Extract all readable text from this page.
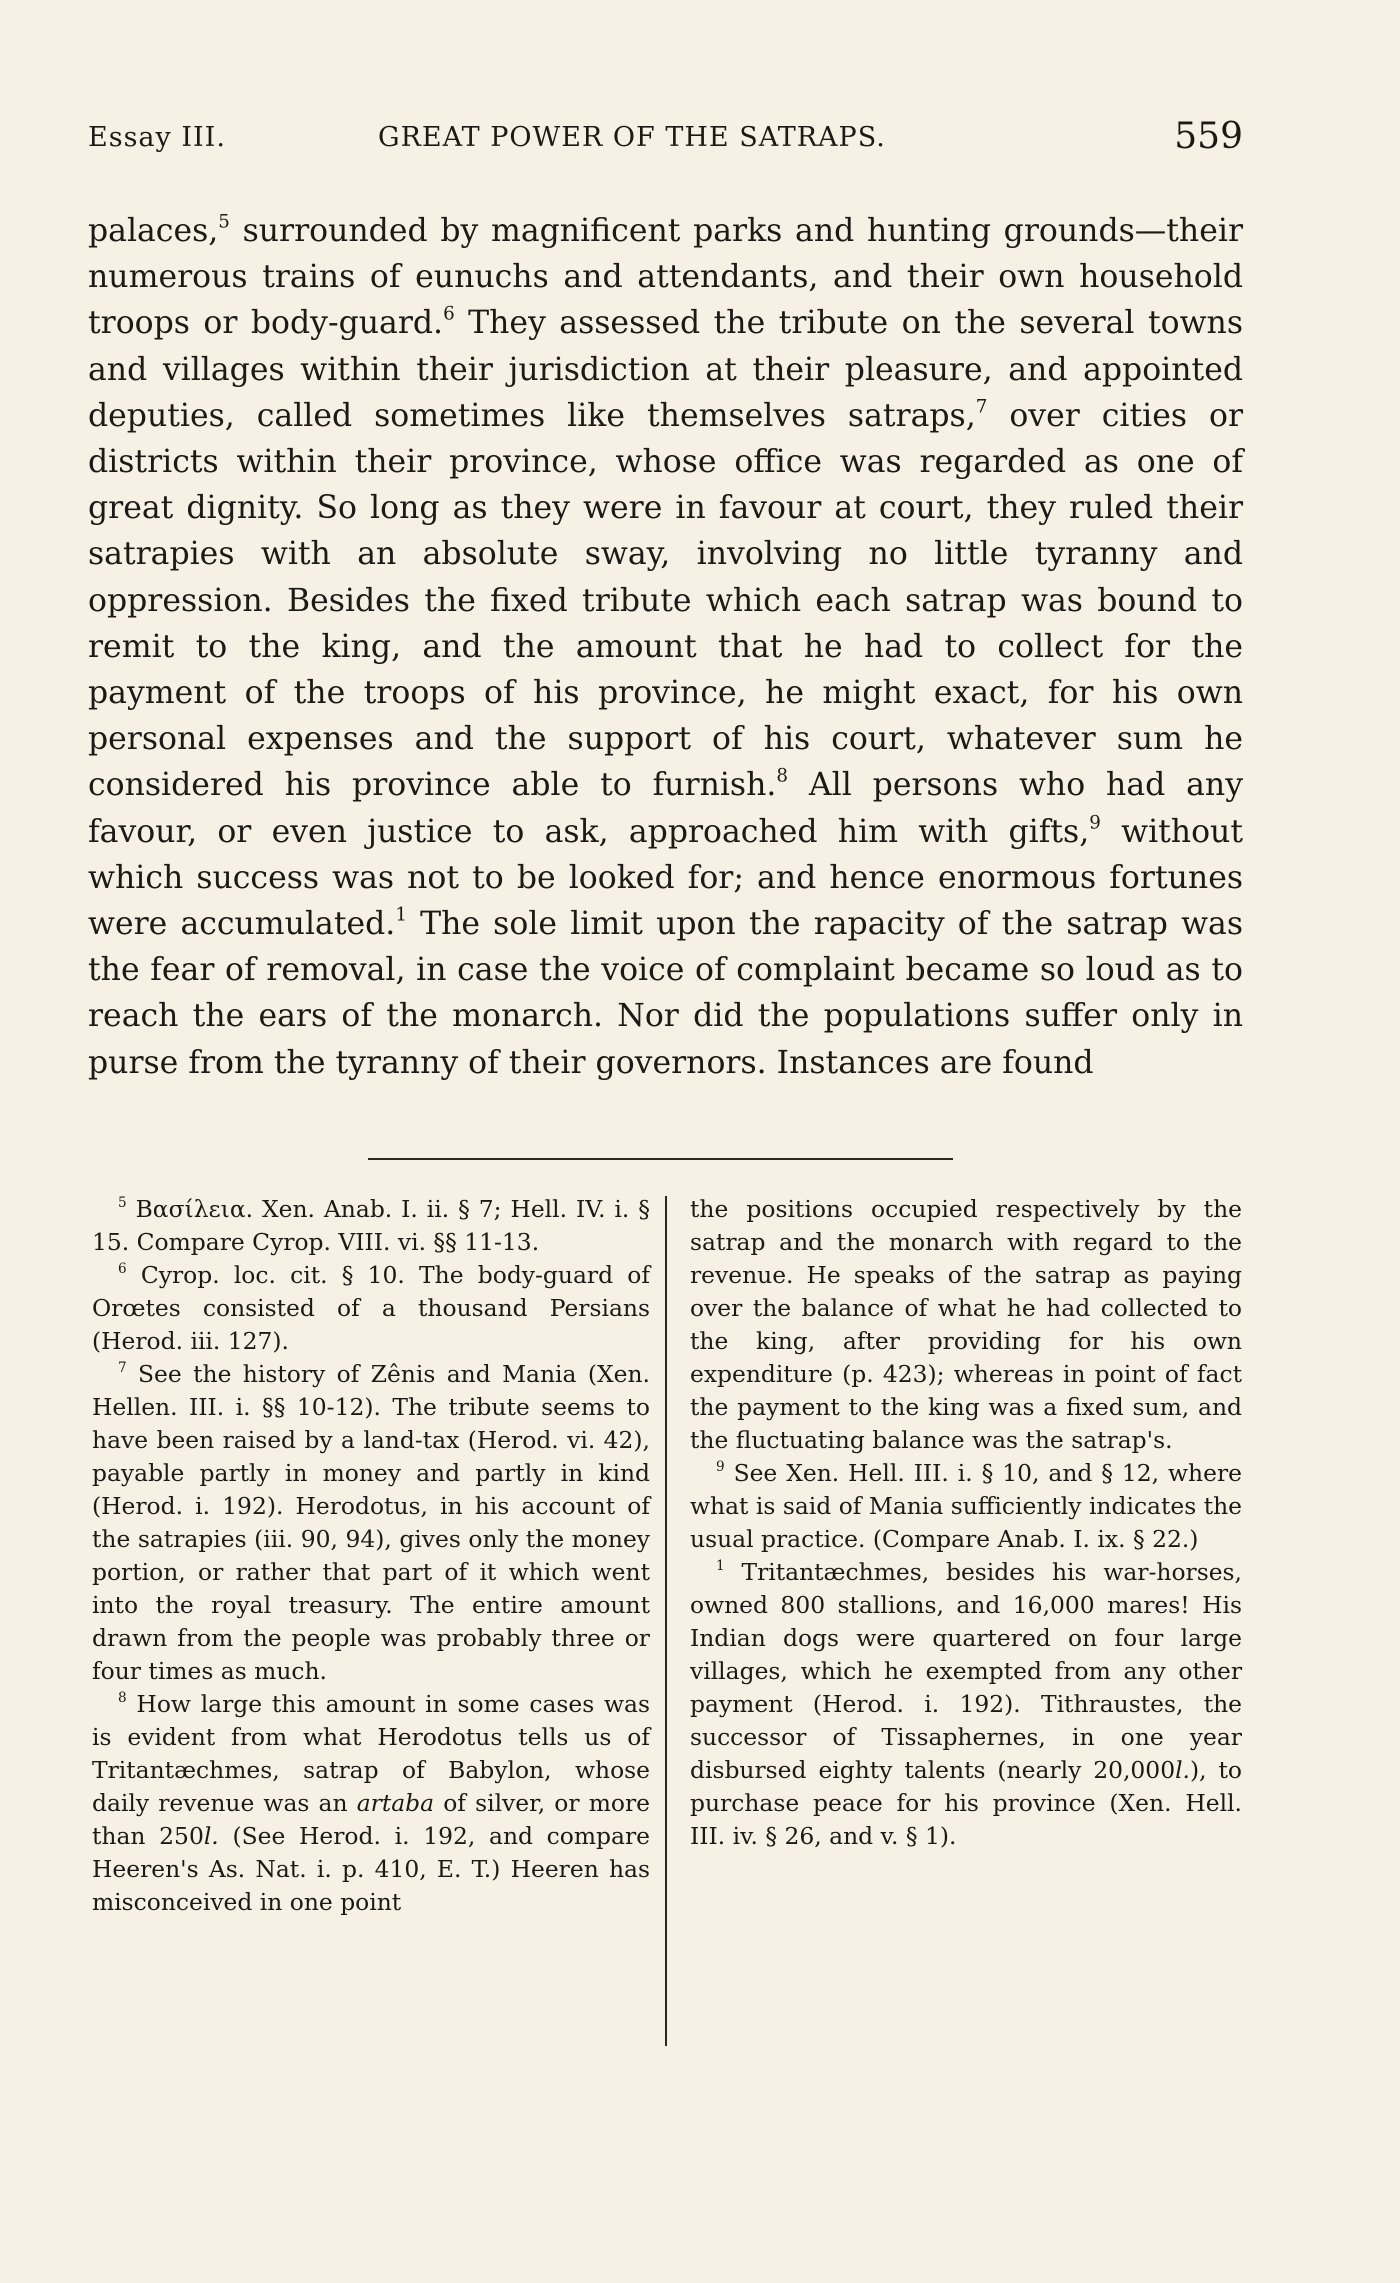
Essay III.	GREAT POWER OF THE SATRAPS.	559

palaces,$^5$ surrounded by magnificent parks and hunting grounds—their numerous trains of eunuchs and attendants, and their own household troops or body-guard.$^6$ They assessed the tribute on the several towns and villages within their jurisdiction at their pleasure, and appointed deputies, called sometimes like themselves satraps,$^7$ over cities or districts within their province, whose office was regarded as one of great dignity. So long as they were in favour at court, they ruled their satrapies with an absolute sway, involving no little tyranny and oppression. Besides the fixed tribute which each satrap was bound to remit to the king, and the amount that he had to collect for the payment of the troops of his province, he might exact, for his own personal expenses and the support of his court, whatever sum he considered his province able to furnish.$^8$ All persons who had any favour, or even justice to ask, approached him with gifts,$^9$ without which success was not to be looked for; and hence enormous fortunes were accumulated.$^1$ The sole limit upon the rapacity of the satrap was the fear of removal, in case the voice of complaint became so loud as to reach the ears of the monarch. Nor did the populations suffer only in purse from the tyranny of their governors. Instances are found

$^5$ Βασίλεια. Xen. Anab. I. ii. § 7; Hell. IV. i. § 15. Compare Cyrop. VIII. vi. §§ 11-13.

$^6$ Cyrop. loc. cit. § 10. The body-guard of Orœtes consisted of a thousand Persians (Herod. iii. 127).

$^7$ See the history of Zênis and Mania (Xen. Hellen. III. i. §§ 10-12). The tribute seems to have been raised by a land-tax (Herod. vi. 42), payable partly in money and partly in kind (Herod. i. 192). Herodotus, in his account of the satrapies (iii. 90, 94), gives only the money portion, or rather that part of it which went into the royal treasury. The entire amount drawn from the people was probably three or four times as much.

$^8$ How large this amount in some cases was is evident from what Herodotus tells us of Tritantæchmes, satrap of Babylon, whose daily revenue was an artaba of silver, or more than 250l. (See Herod. i. 192, and compare Heeren's As. Nat. i. p. 410, E. T.) Heeren has misconceived in one point

the positions occupied respectively by the satrap and the monarch with regard to the revenue. He speaks of the satrap as paying over the balance of what he had collected to the king, after providing for his own expenditure (p. 423); whereas in point of fact the payment to the king was a fixed sum, and the fluctuating balance was the satrap's.

$^9$ See Xen. Hell. III. i. § 10, and § 12, where what is said of Mania sufficiently indicates the usual practice. (Compare Anab. I. ix. § 22.)

$^1$ Tritantæchmes, besides his war-horses, owned 800 stallions, and 16,000 mares! His Indian dogs were quartered on four large villages, which he exempted from any other payment (Herod. i. 192). Tithraustes, the successor of Tissaphernes, in one year disbursed eighty talents (nearly 20,000l.), to purchase peace for his province (Xen. Hell. III. iv. § 26, and v. § 1).
